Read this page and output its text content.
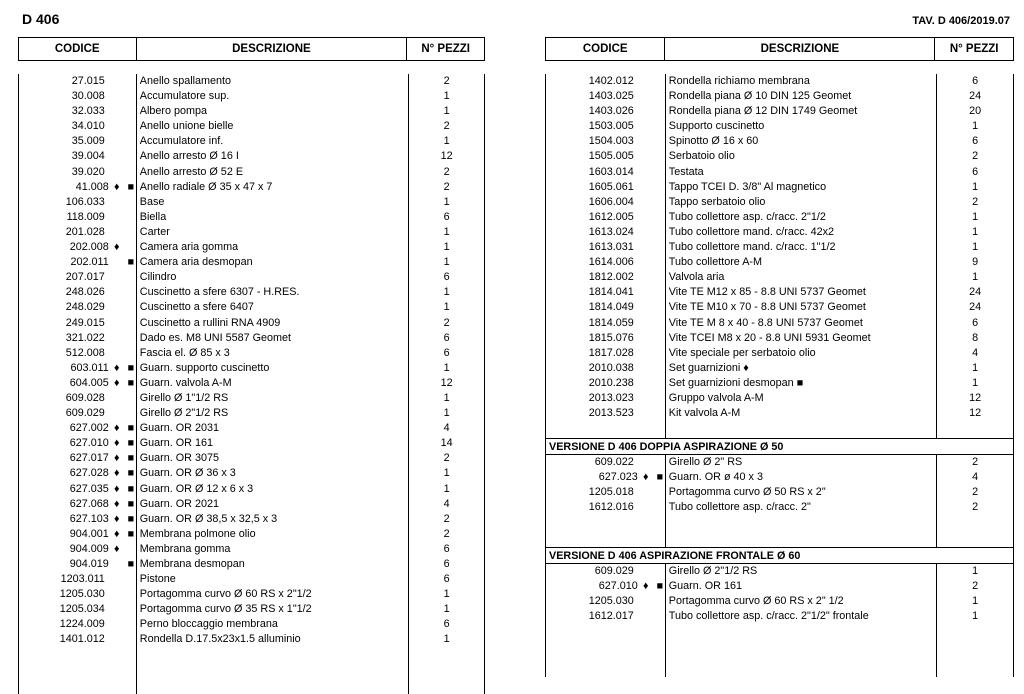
D 406	TAV. D 406/2019.07
CODICE	DESCRIZIONE	N° PEZZI
27.015	Anello spallamento	2
30.008	Accumulatore sup.	1
32.033	Albero pompa	1
34.010	Anello unione bielle	2
35.009	Accumulatore inf.	1
39.004	Anello arresto Ø 16 I	12
39.020	Anello arresto Ø 52 E	2
41.008 ♦ ■ Anello radiale Ø 35 x 47 x 7	2
106.033	Base	1
118.009	Biella	6
201.028	Carter	1
202.008 ♦	Camera aria gomma	1
202.011 ■ Camera aria desmopan	1
207.017	Cilindro	6
248.026	Cuscinetto a sfere 6307 - H.RES.	1
248.029	Cuscinetto a sfere 6407	1
249.015	Cuscinetto a rullini RNA 4909	2
321.022	Dado es. M8 UNI 5587 Geomet	6
512.008	Fascia el. Ø 85 x 3	6
603.011 ♦ ■ Guarn. supporto cuscinetto	1
604.005 ♦ ■ Guarn. valvola A-M	12
609.028	Girello Ø 1"1/2 RS	1
609.029	Girello Ø 2"1/2 RS	1
627.002 ♦ ■ Guarn. OR 2031	4
627.010 ♦ ■ Guarn. OR 161	14
627.017 ♦ ■ Guarn. OR 3075	2
627.028 ♦ ■ Guarn. OR Ø 36 x 3	1
627.035 ♦ ■ Guarn. OR Ø 12 x 6 x 3	1
627.068 ♦ ■ Guarn. OR 2021	4
627.103 ♦ ■ Guarn. OR Ø 38,5 x 32,5 x 3	2
904.001 ♦ ■ Membrana polmone olio	2
904.009 ♦	Membrana gomma	6
904.019 ■ Membrana desmopan	6
1203.011	Pistone	6
1205.030	Portagomma curvo Ø 60 RS x 2"1/2	1
1205.034	Portagomma curvo Ø 35 RS x 1"1/2	1
1224.009	Perno bloccaggio membrana	6
1401.012	Rondella D.17.5x23x1.5 alluminio	1
CODICE	DESCRIZIONE	N° PEZZI
1402.012	Rondella richiamo membrana	6
1403.025	Rondella piana Ø 10 DIN 125 Geomet	24
1403.026	Rondella piana Ø 12 DIN 1749 Geomet	20
1503.005	Supporto cuscinetto	1
1504.003	Spinotto Ø 16 x 60	6
1505.005	Serbatoio olio	2
1603.014	Testata	6
1605.061	Tappo TCEI D. 3/8" Al magnetico	1
1606.004	Tappo serbatoio olio	2
1612.005	Tubo collettore asp. c/racc. 2"1/2	1
1613.024	Tubo collettore mand. c/racc. 42x2	1
1613.031	Tubo collettore mand. c/racc. 1"1/2	1
1614.006	Tubo collettore A-M	9
1812.002	Valvola aria	1
1814.041	Vite TE M12 x 85 - 8.8 UNI 5737 Geomet	24
1814.049	Vite TE M10 x 70 - 8.8 UNI 5737 Geomet	24
1814.059	Vite TE M 8 x 40 - 8.8 UNI 5737 Geomet	6
1815.076	Vite TCEI M8 x 20 - 8.8 UNI 5931 Geomet	8
1817.028	Vite speciale per serbatoio olio	4
2010.038	Set guarnizioni ♦	1
2010.238	Set guarnizioni desmopan ■	1
2013.023	Gruppo valvola A-M	12
2013.523	Kit valvola A-M	12
VERSIONE D 406 DOPPIA ASPIRAZIONE Ø 50
609.022	Girello Ø 2" RS	2
627.023 ♦ ■ Guarn. OR ø 40 x 3	4
1205.018	Portagomma curvo Ø 50 RS x 2"	2
1612.016	Tubo collettore asp. c/racc. 2"	2
VERSIONE D 406 ASPIRAZIONE FRONTALE Ø 60
609.029	Girello Ø 2"1/2 RS	1
627.010 ♦ ■ Guarn. OR 161	2
1205.030	Portagomma curvo Ø 60 RS x 2" 1/2	1
1612.017	Tubo collettore asp. c/racc. 2"1/2" frontale	1
